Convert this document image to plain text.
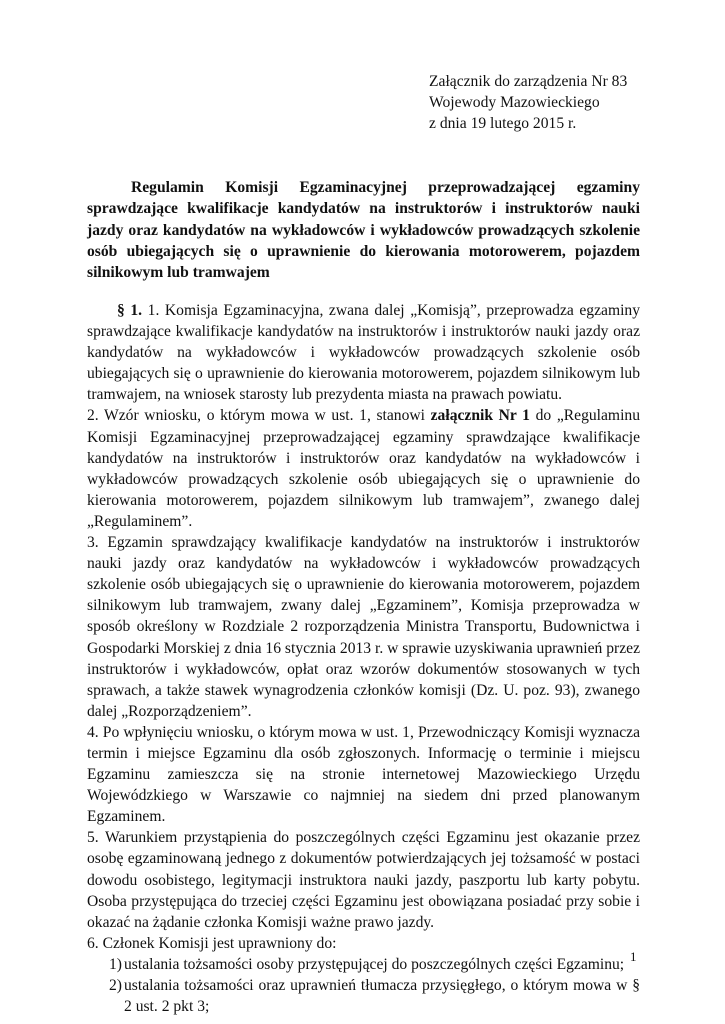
Załącznik do zarządzenia Nr 83
Wojewody Mazowieckiego
z dnia 19 lutego 2015 r.
Regulamin Komisji Egzaminacyjnej przeprowadzającej egzaminy sprawdzające kwalifikacje kandydatów na instruktorów i instruktorów nauki jazdy oraz kandydatów na wykładowców i wykładowców prowadzących szkolenie osób ubiegających się o uprawnienie do kierowania motorowerem, pojazdem silnikowym lub tramwajem

§ 1. 1. Komisja Egzaminacyjna, zwana dalej „Komisją”, przeprowadza egzaminy sprawdzające kwalifikacje kandydatów na instruktorów i instruktorów nauki jazdy oraz kandydatów na wykładowców i wykładowców prowadzących szkolenie osób ubiegających się o uprawnienie do kierowania motorowerem, pojazdem silnikowym lub tramwajem, na wniosek starosty lub prezydenta miasta na prawach powiatu.

2. Wzór wniosku, o którym mowa w ust. 1, stanowi załącznik Nr 1 do „Regulaminu Komisji Egzaminacyjnej przeprowadzającej egzaminy sprawdzające kwalifikacje kandydatów na instruktorów i instruktorów oraz kandydatów na wykładowców i wykładowców prowadzących szkolenie osób ubiegających się o uprawnienie do kierowania motorowerem, pojazdem silnikowym lub tramwajem”, zwanego dalej „Regulaminem”.

3. Egzamin sprawdzający kwalifikacje kandydatów na instruktorów i instruktorów nauki jazdy oraz kandydatów na wykładowców i wykładowców prowadzących szkolenie osób ubiegających się o uprawnienie do kierowania motorowerem, pojazdem silnikowym lub tramwajem, zwany dalej „Egzaminem”, Komisja przeprowadza w sposób określony w Rozdziale 2 rozporządzenia Ministra Transportu, Budownictwa i Gospodarki Morskiej z dnia 16 stycznia 2013 r. w sprawie uzyskiwania uprawnień przez instruktorów i wykładowców, opłat oraz wzorów dokumentów stosowanych w tych sprawach, a także stawek wynagrodzenia członków komisji (Dz. U. poz. 93), zwanego dalej „Rozporządzeniem”.

4. Po wpłynięciu wniosku, o którym mowa w ust. 1, Przewodniczący Komisji wyznacza termin i miejsce Egzaminu dla osób zgłoszonych. Informację o terminie i miejscu Egzaminu zamieszcza się na stronie internetowej Mazowieckiego Urzędu Wojewódzkiego w Warszawie co najmniej na siedem dni przed planowanym Egzaminem.

5. Warunkiem przystąpienia do poszczególnych części Egzaminu jest okazanie przez osobę egzaminowaną jednego z dokumentów potwierdzających jej tożsamość w postaci dowodu osobistego, legitymacji instruktora nauki jazdy, paszportu lub karty pobytu. Osoba przystępująca do trzeciej części Egzaminu jest obowiązana posiadać przy sobie i okazać na żądanie członka Komisji ważne prawo jazdy.

6. Członek Komisji jest uprawniony do:

1) ustalania tożsamości osoby przystępującej do poszczególnych części Egzaminu;
2) ustalania tożsamości oraz uprawnień tłumacza przysięgłego, o którym mowa w § 2 ust. 2 pkt 3;
1
